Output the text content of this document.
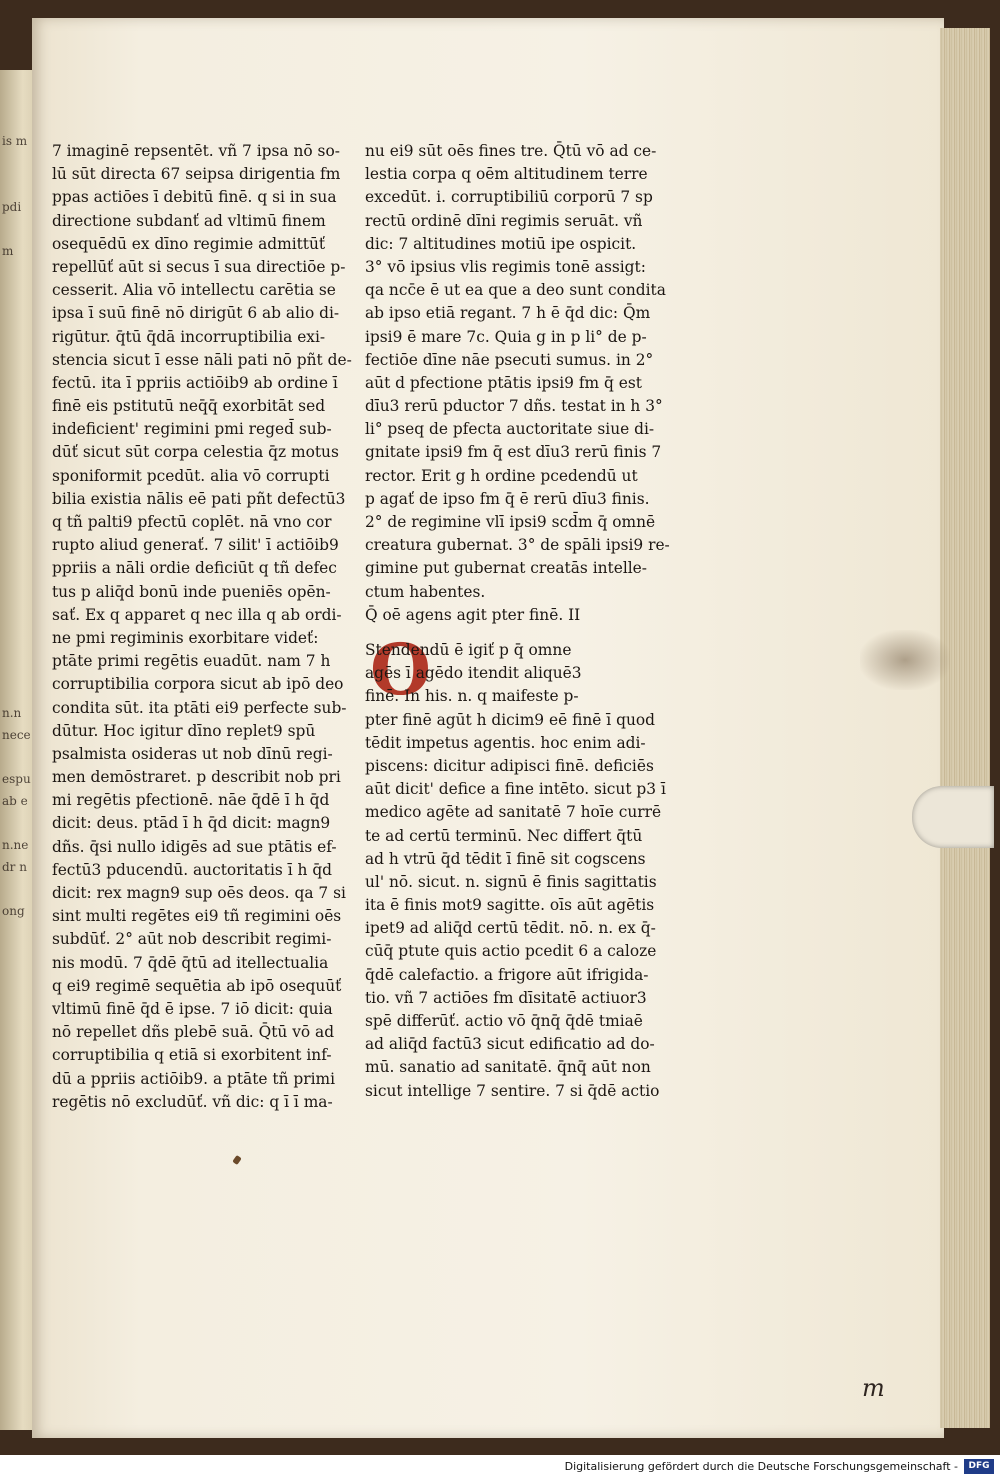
is m

pdi

m

n.n
nece

espu
ab e

n.ne
dr n

ong

7 imaginē repsentēt. vñ 7 ipsa nō so-
lū sūt directa 67 seipsa dirigentia fm
ppas actiōes ī debitū finē. q si in sua
directione subdanť ad vltimū finem
osequēdū ex dīno regimie admittūť
repellūť aūt si secus ī sua directiōe p-
cesserit. Alia vō intellectu carētia se
ipsa ī suū finē nō dirigūt 6 ab alio di-
rigūtur. q̄tū q̄dā incorruptibilia exi-
stencia sicut ī esse nāli pati nō pñt de-
fectū. ita ī ppriis actiōib9 ab ordine ī
finē eis pstitutū neq̄q̄ exorbitāt sed
indeficient' regimini pmi reged̄ sub-
dūť sicut sūt corpa celestia q̄z motus
sponiformit pcedūt. alia vō corrupti
bilia existia nālis eē pati pñt defectū3
q tñ palti9 pfectū coplēt. nā vno cor
rupto aliud generať. 7 silit' ī actiōib9
ppriis a nāli ordie deficiūt q tñ defec
tus p aliq̄d bonū inde pueniēs opēn-
sať. Ex q apparet q nec illa q ab ordi-
ne pmi regiminis exorbitare videť:
ptāte primi regētis euadūt. nam 7 h
corruptibilia corpora sicut ab ipō deo
condita sūt. ita ptāti ei9 perfecte sub-
dūtur. Hoc igitur dīno replet9 spū
psalmista osideras ut nob dīnū regi-
men demōstraret. p describit nob pri
mi regētis pfectionē. nāe q̄dē ī h q̄d
dicit: deus. ptād ī h q̄d dicit: magn9
dñs. q̄si nullo idigēs ad sue ptātis ef-
fectū3 pducendū. auctoritatis ī h q̄d
dicit: rex magn9 sup oēs deos. qa 7 si
sint multi regētes ei9 tñ regimini oēs
subdūť. 2° aūt nob describit regimi-
nis modū. 7 q̄dē q̄tū ad itellectualia
q ei9 regimē sequētia ab ipō osequūť
vltimū finē q̄d ē ipse. 7 iō dicit: quia
nō repellet dñs plebē suā. Q̄tū vō ad
corruptibilia q etiā si exorbitent inf-
dū a ppriis actiōib9. a ptāte tñ primi
regētis nō excludūť. vñ dic: q ī ī ma-
nu ei9 sūt oēs fines tre. Q̄tū vō ad ce-
lestia corpa q oēm altitudinem terre
excedūt. i. corruptibiliū corporū 7 sp
rectū ordinē dīni regimis seruāt. vñ
dic: 7 altitudines motiū ipe ospicit.
3° vō ipsius vlis regimis tonē assigt:
qa ncc̄e ē ut ea que a deo sunt condita
ab ipso etiā regant. 7 h ē q̄d dic: Q̄m
ipsi9 ē mare 7c. Quia g in p li° de p-
fectiōe dīne nāe psecuti sumus. in 2°
aūt d pfectione ptātis ipsi9 fm q̄ est
dīu3 rerū pductor 7 dñs. testat in h 3°
li° pseq de pfecta auctoritate siue di-
gnitate ipsi9 fm q̄ est dīu3 rerū finis 7
rector. Erit g h ordine pcedendū ut
p agať de ipso fm q̄ ē rerū dīu3 finis.
2° de regimine vlī ipsi9 scd̄m q̄ omnē
creatura gubernat. 3° de spāli ipsi9 re-
gimine put gubernat creatās intelle-
ctum habentes.
Q̄ oē agens agit pter finē. II
O
Stendendū ē igiť p q̄ omne
agēs ī agēdo itendit aliquē3
finē. In his. n. q maifeste p-
pter finē agūt h dicim9 eē finē ī quod
tēdit impetus agentis. hoc enim adi-
piscens: dicitur adipisci finē. deficiēs
aūt dicit' defice a fine intēto. sicut p3 ī
medico agēte ad sanitatē 7 hoīe currē
te ad certū terminū. Nec differt q̄tū
ad h vtrū q̄d tēdit ī finē sit cogscens
ul' nō. sicut. n. signū ē finis sagittatis
ita ē finis mot9 sagitte. oīs aūt agētis
ipet9 ad aliq̄d certū tēdit. nō. n. ex q̄-
cūq̄ ptute quis actio pcedit 6 a caloze
q̄dē calefactio. a frigore aūt ifrigida-
tio. vñ 7 actiōes fm dīsitatē actiuor3
spē differūť. actio vō q̄nq̄ q̄dē tmiaē
ad aliq̄d factū3 sicut edificatio ad do-
mū. sanatio ad sanitatē. q̄nq̄ aūt non
sicut intellige 7 sentire. 7 si q̄dē actio
m
Digitalisierung gefördert durch die Deutsche Forschungsgemeinschaft -	DFG
